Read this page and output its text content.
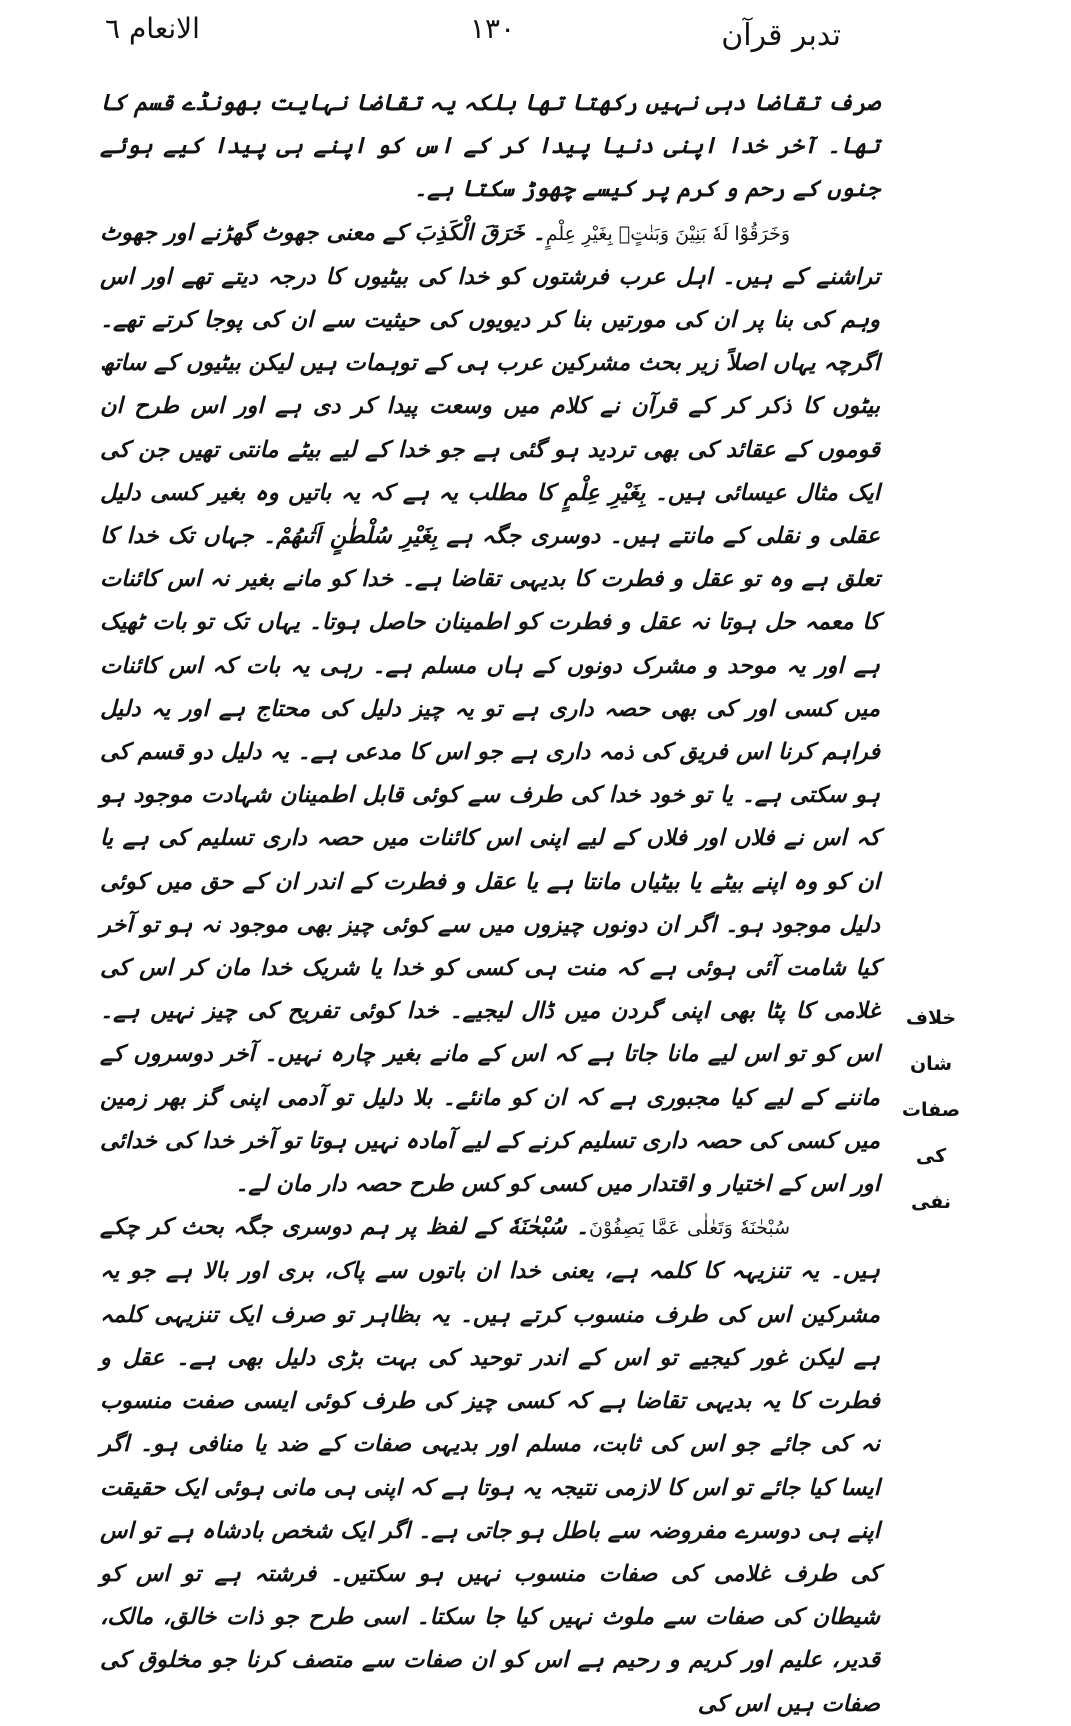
تدبر قرآن
۱۳۰
الانعام ٦

صرف تقاضا دہی نہیں رکھتا تھا بلکہ یہ تقاضا نہایت بھونڈے قسم کا تھا۔ آخر خدا اپنی دنیا پیدا کر کے اس کو اپنے ہی پیدا کیے ہوئے جنوں کے رحم و کرم پر کیسے چھوڑ سکتا ہے۔

وَخَرَقُوْا لَهٗ بَنِيْنَ وَبَنٰتٍۢ بِغَيْرِ عِلْمٍ۔ خَرَقَ الْكَذِبَ کے معنی جھوٹ گھڑنے اور جھوٹ تراشنے کے ہیں۔ اہل عرب فرشتوں کو خدا کی بیٹیوں کا درجہ دیتے تھے اور اس وہم کی بنا پر ان کی مورتیں بنا کر دیویوں کی حیثیت سے ان کی پوجا کرتے تھے۔ اگرچہ یہاں اصلاً زیر بحث مشرکین عرب ہی کے توہمات ہیں لیکن بیٹیوں کے ساتھ بیٹوں کا ذکر کر کے قرآن نے کلام میں وسعت پیدا کر دی ہے اور اس طرح ان قوموں کے عقائد کی بھی تردید ہو گئی ہے جو خدا کے لیے بیٹے مانتی تھیں جن کی ایک مثال عیسائی ہیں۔ بِغَيْرِ عِلْمٍ کا مطلب یہ ہے کہ یہ باتیں وہ بغیر کسی دلیل عقلی و نقلی کے مانتے ہیں۔ دوسری جگہ ہے بِغَيْرِ سُلْطٰنٍ اَتٰىهُمْ۔ جہاں تک خدا کا تعلق ہے وہ تو عقل و فطرت کا بدیہی تقاضا ہے۔ خدا کو مانے بغیر نہ اس کائنات کا معمہ حل ہوتا نہ عقل و فطرت کو اطمینان حاصل ہوتا۔ یہاں تک تو بات ٹھیک ہے اور یہ موحد و مشرک دونوں کے ہاں مسلم ہے۔ رہی یہ بات کہ اس کائنات میں کسی اور کی بھی حصہ داری ہے تو یہ چیز دلیل کی محتاج ہے اور یہ دلیل فراہم کرنا اس فریق کی ذمہ داری ہے جو اس کا مدعی ہے۔ یہ دلیل دو قسم کی ہو سکتی ہے۔ یا تو خود خدا کی طرف سے کوئی قابل اطمینان شہادت موجود ہو کہ اس نے فلاں اور فلاں کے لیے اپنی اس کائنات میں حصہ داری تسلیم کی ہے یا ان کو وہ اپنے بیٹے یا بیٹیاں مانتا ہے یا عقل و فطرت کے اندر ان کے حق میں کوئی دلیل موجود ہو۔ اگر ان دونوں چیزوں میں سے کوئی چیز بھی موجود نہ ہو تو آخر کیا شامت آئی ہوئی ہے کہ منت ہی کسی کو خدا یا شریک خدا مان کر اس کی غلامی کا پٹا بھی اپنی گردن میں ڈال لیجیے۔ خدا کوئی تفریح کی چیز نہیں ہے۔ اس کو تو اس لیے مانا جاتا ہے کہ اس کے مانے بغیر چارہ نہیں۔ آخر دوسروں کے ماننے کے لیے کیا مجبوری ہے کہ ان کو مانئے۔ بلا دلیل تو آدمی اپنی گز بھر زمین میں کسی کی حصہ داری تسلیم کرنے کے لیے آمادہ نہیں ہوتا تو آخر خدا کی خدائی اور اس کے اختیار و اقتدار میں کسی کو کس طرح حصہ دار مان لے۔

سُبْحٰنَهٗ وَتَعٰلٰى عَمَّا يَصِفُوْنَ۔ سُبْحٰنَهٗ کے لفظ پر ہم دوسری جگہ بحث کر چکے ہیں۔ یہ تنزیہہ کا کلمہ ہے، یعنی خدا ان باتوں سے پاک، بری اور بالا ہے جو یہ مشرکین اس کی طرف منسوب کرتے ہیں۔ یہ بظاہر تو صرف ایک تنزیہی کلمہ ہے لیکن غور کیجیے تو اس کے اندر توحید کی بہت بڑی دلیل بھی ہے۔ عقل و فطرت کا یہ بدیہی تقاضا ہے کہ کسی چیز کی طرف کوئی ایسی صفت منسوب نہ کی جائے جو اس کی ثابت، مسلم اور بدیہی صفات کے ضد یا منافی ہو۔ اگر ایسا کیا جائے تو اس کا لازمی نتیجہ یہ ہوتا ہے کہ اپنی ہی مانی ہوئی ایک حقیقت اپنے ہی دوسرے مفروضہ سے باطل ہو جاتی ہے۔ اگر ایک شخص بادشاہ ہے تو اس کی طرف غلامی کی صفات منسوب نہیں ہو سکتیں۔ فرشتہ ہے تو اس کو شیطان کی صفات سے ملوث نہیں کیا جا سکتا۔ اسی طرح جو ذات خالق، مالک، قدیر، علیم اور کریم و رحیم ہے اس کو ان صفات سے متصف کرنا جو مخلوق کی صفات ہیں اس کی

خلاف شان
صفات کی
نفی
